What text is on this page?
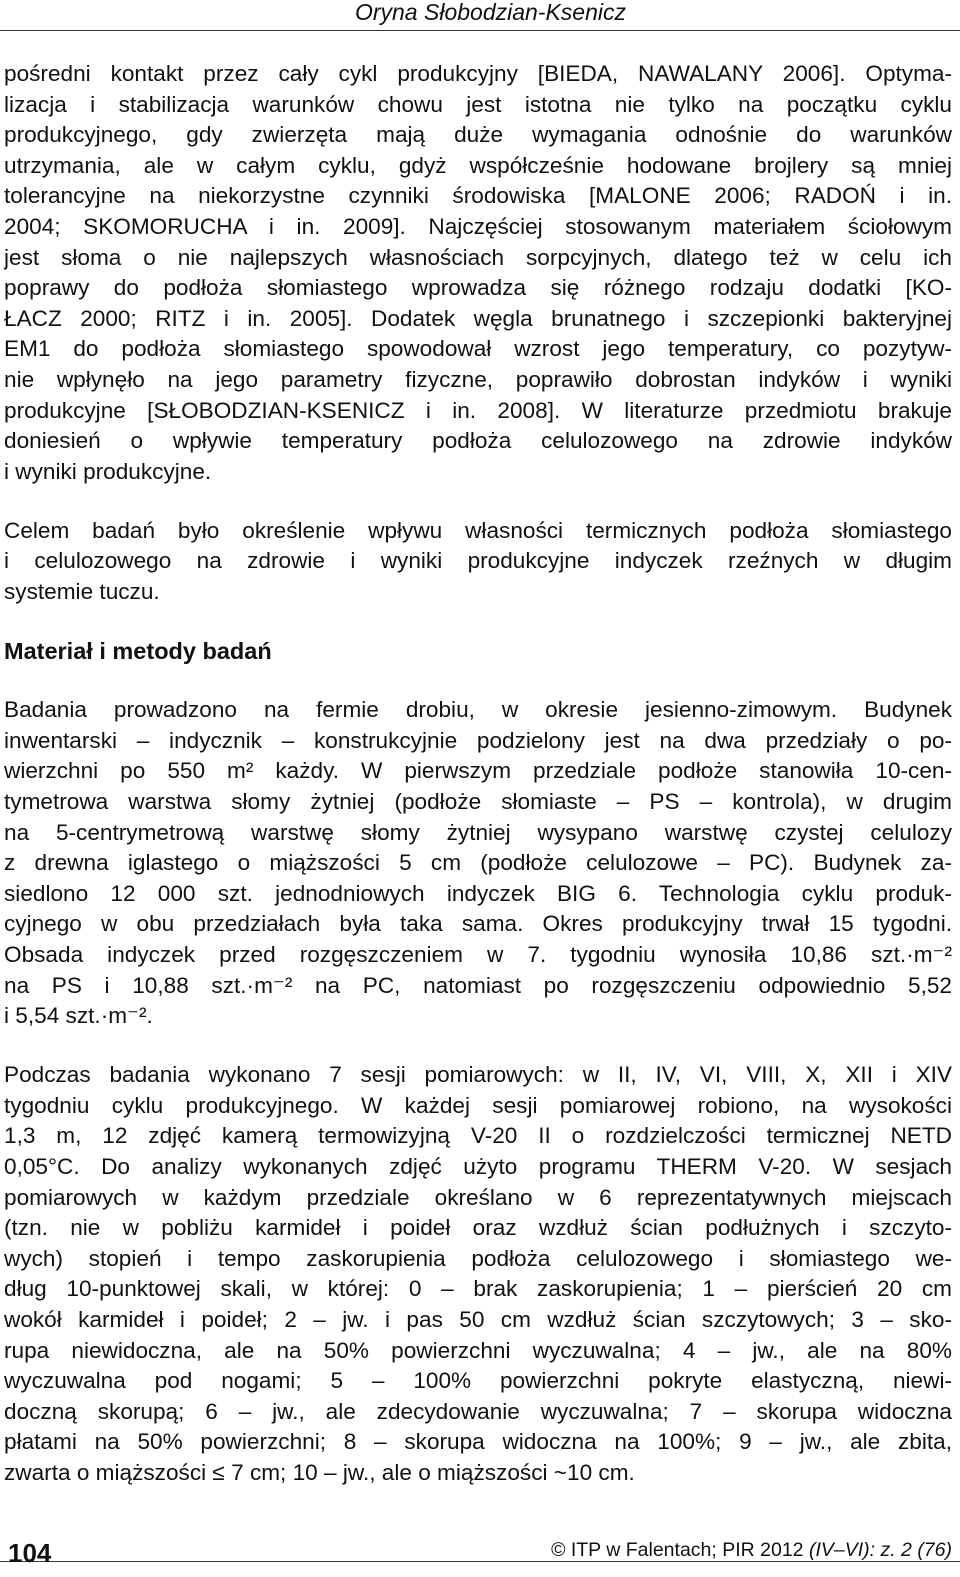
Oryna Słobodzian-Ksenicz
pośredni kontakt przez cały cykl produkcyjny [BIEDA, NAWALANY 2006]. Optyma-
lizacja i stabilizacja warunków chowu jest istotna nie tylko na początku cyklu
produkcyjnego, gdy zwierzęta mają duże wymagania odnośnie do warunków
utrzymania, ale w całym cyklu, gdyż współcześnie hodowane brojlery są mniej
tolerancyjne na niekorzystne czynniki środowiska [MALONE 2006; RADOŃ i in.
2004; SKOMORUCHA i in. 2009]. Najczęściej stosowanym materiałem ściołowym
jest słoma o nie najlepszych własnościach sorpcyjnych, dlatego też w celu ich
poprawy do podłoża słomiastego wprowadza się różnego rodzaju dodatki [KO-
ŁACZ 2000; RITZ i in. 2005]. Dodatek węgla brunatnego i szczepionki bakteryjnej
EM1 do podłoża słomiastego spowodował wzrost jego temperatury, co pozytyw-
nie wpłynęło na jego parametry fizyczne, poprawiło dobrostan indyków i wyniki
produkcyjne [SŁOBODZIAN-KSENICZ i in. 2008]. W literaturze przedmiotu brakuje
doniesień o wpływie temperatury podłoża celulozowego na zdrowie indyków
i wyniki produkcyjne.
Celem badań było określenie wpływu własności termicznych podłoża słomiastego
i celulozowego na zdrowie i wyniki produkcyjne indyczek rzeźnych w długim
systemie tuczu.
Materiał i metody badań
Badania prowadzono na fermie drobiu, w okresie jesienno-zimowym. Budynek
inwentarski – indycznik – konstrukcyjnie podzielony jest na dwa przedziały o po-
wierzchni po 550 m² każdy. W pierwszym przedziale podłoże stanowiła 10-cen-
tymetrowa warstwa słomy żytniej (podłoże słomiaste – PS – kontrola), w drugim
na 5-centrymetrową warstwę słomy żytniej wysypano warstwę czystej celulozy
z drewna iglastego o miąższości 5 cm (podłoże celulozowe – PC). Budynek za-
siedlono 12 000 szt. jednodniowych indyczek BIG 6. Technologia cyklu produk-
cyjnego w obu przedziałach była taka sama. Okres produkcyjny trwał 15 tygodni.
Obsada indyczek przed rozgęszczeniem w 7. tygodniu wynosiła 10,86 szt.·m⁻²
na PS i 10,88 szt.·m⁻² na PC, natomiast po rozgęszczeniu odpowiednio 5,52
i 5,54 szt.·m⁻².
Podczas badania wykonano 7 sesji pomiarowych: w II, IV, VI, VIII, X, XII i XIV
tygodniu cyklu produkcyjnego. W każdej sesji pomiarowej robiono, na wysokości
1,3 m, 12 zdjęć kamerą termowizyjną V-20 II o rozdzielczości termicznej NETD
0,05°C. Do analizy wykonanych zdjęć użyto programu THERM V-20. W sesjach
pomiarowych w każdym przedziale określano w 6 reprezentatywnych miejscach
(tzn. nie w pobliżu karmideł i poideł oraz wzdłuż ścian podłużnych i szczyto-
wych) stopień i tempo zaskorupienia podłoża celulozowego i słomiastego we-
dług 10-punktowej skali, w której: 0 – brak zaskorupienia; 1 – pierścień 20 cm
wokół karmideł i poideł; 2 – jw. i pas 50 cm wzdłuż ścian szczytowych; 3 – sko-
rupa niewidoczna, ale na 50% powierzchni wyczuwalna; 4 – jw., ale na 80%
wyczuwalna pod nogami; 5 – 100% powierzchni pokryte elastyczną, niewi-
doczną skorupą; 6 – jw., ale zdecydowanie wyczuwalna; 7 – skorupa widoczna
płatami na 50% powierzchni; 8 – skorupa widoczna na 100%; 9 – jw., ale zbita,
zwarta o miąższości ≤ 7 cm; 10 – jw., ale o miąższości ~10 cm.
104	© ITP w Falentach; PIR 2012 (IV–VI): z. 2 (76)
